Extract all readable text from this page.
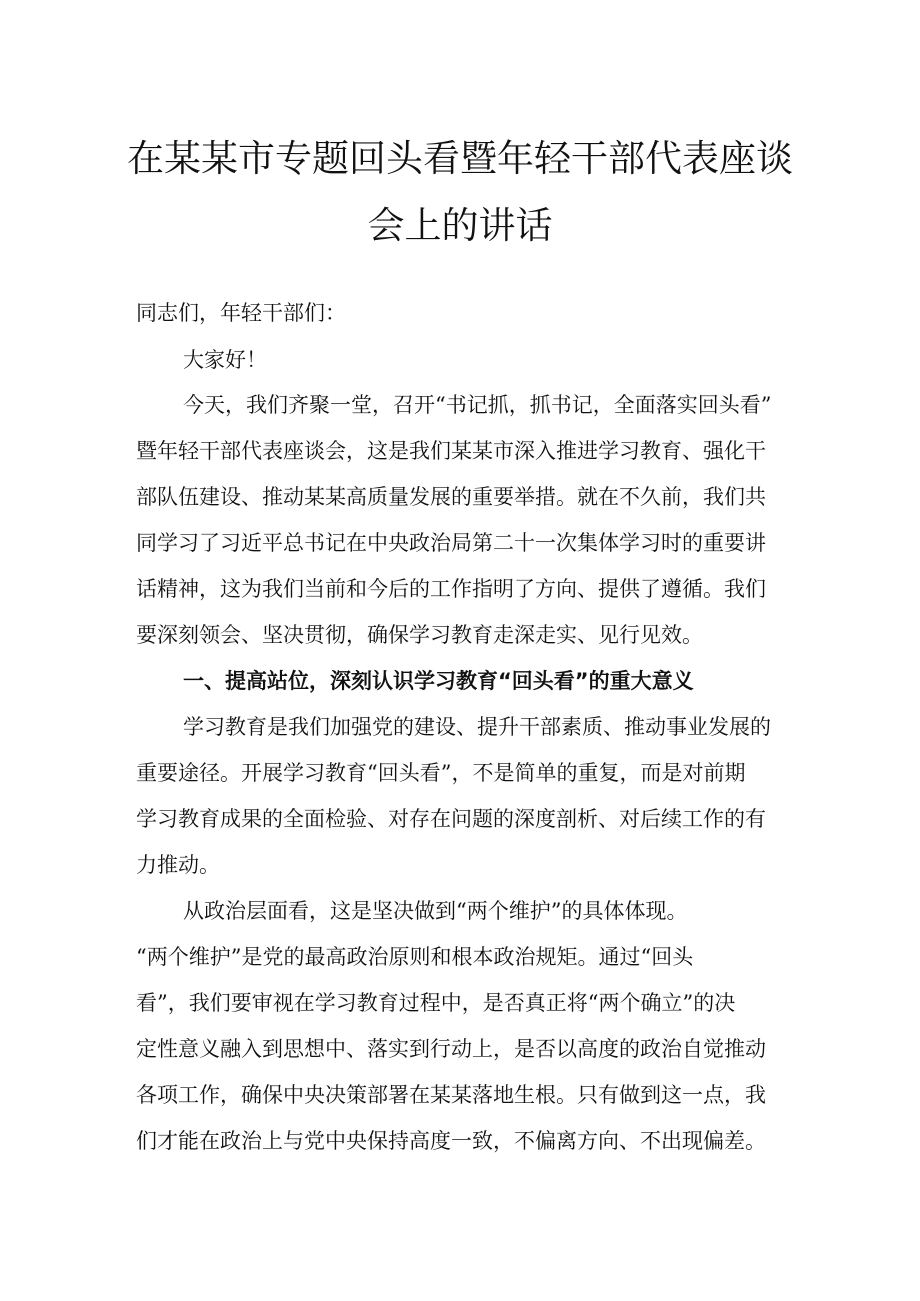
在某某市专题回头看暨年轻干部代表座谈
会上的讲话
同志们，年轻干部们：
大家好！
今天，我们齐聚一堂，召开“书记抓，抓书记，全面落实回头看”
暨年轻干部代表座谈会，这是我们某某市深入推进学习教育、强化干
部队伍建设、推动某某高质量发展的重要举措。就在不久前，我们共
同学习了习近平总书记在中央政治局第二十一次集体学习时的重要讲
话精神，这为我们当前和今后的工作指明了方向、提供了遵循。我们
要深刻领会、坚决贯彻，确保学习教育走深走实、见行见效。
一、提高站位，深刻认识学习教育“回头看”的重大意义
学习教育是我们加强党的建设、提升干部素质、推动事业发展的
重要途径。开展学习教育“回头看”，不是简单的重复，而是对前期
学习教育成果的全面检验、对存在问题的深度剖析、对后续工作的有
力推动。
从政治层面看，这是坚决做到“两个维护”的具体体现。
“两个维护”是党的最高政治原则和根本政治规矩。通过“回头
看”，我们要审视在学习教育过程中，是否真正将“两个确立”的决
定性意义融入到思想中、落实到行动上，是否以高度的政治自觉推动
各项工作，确保中央决策部署在某某落地生根。只有做到这一点，我
们才能在政治上与党中央保持高度一致，不偏离方向、不出现偏差。
